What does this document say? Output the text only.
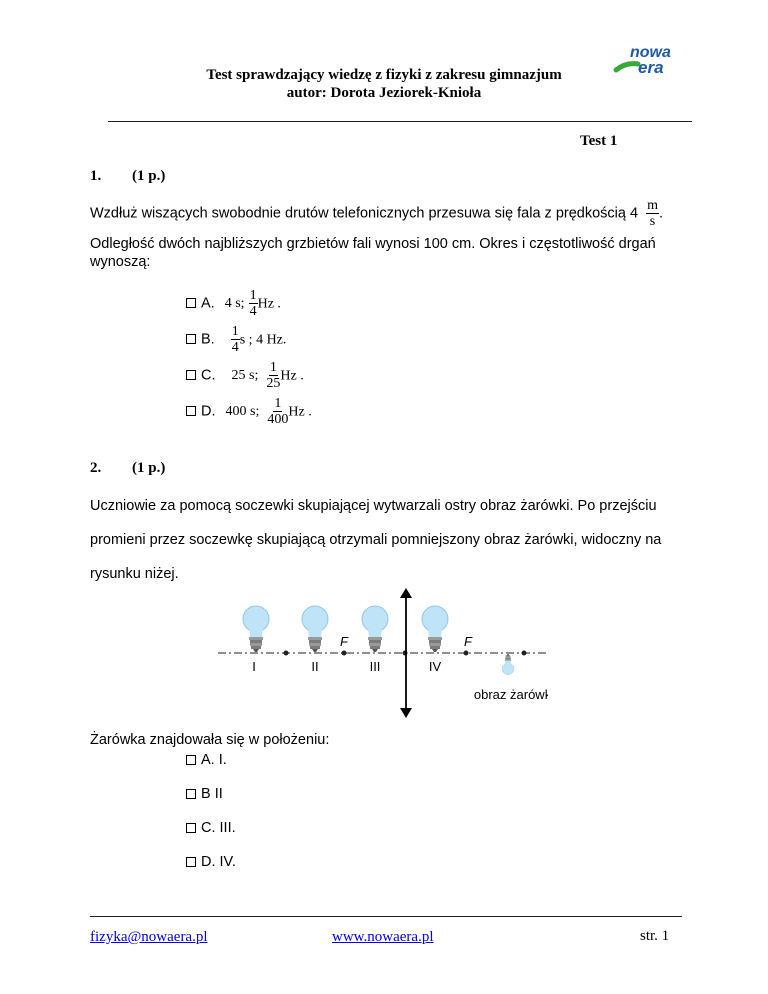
Test sprawdzający wiedzę z fizyki z zakresu gimnazjum
autor: Dorota Jeziorek-Knioła
nowa
era
Test 1
1. (1 p.)
Wzdłuż wiszących swobodnie drutów telefonicznych przesuwa się fala z prędkością $4 \frac{m}{s}$ .
Odległość dwóch najbliższych grzbietów fali wynosi 100 cm. Okres i częstotliwość drgań
wynoszą:
A. 4 s; $\frac{1}{4}$ Hz .
B. $\frac{1}{4}$ s ; 4 Hz.
C. 25 s; $\frac{1}{25}$ Hz .
D. 400 s; $\frac{1}{400}$ Hz .
2. (1 p.)
Uczniowie za pomocą soczewki skupiającej wytwarzali ostry obraz żarówki. Po przejściu
promieni przez soczewkę skupiającą otrzymali pomniejszony obraz żarówki, widoczny na
rysunku niżej.
F	F
I	II	III	IV
obraz żarówki
Żarówka znajdowała się w położeniu:
A. I.
B II
C. III.
D. IV.
fizyka@nowaera.pl	www.nowaera.pl	str. 1
